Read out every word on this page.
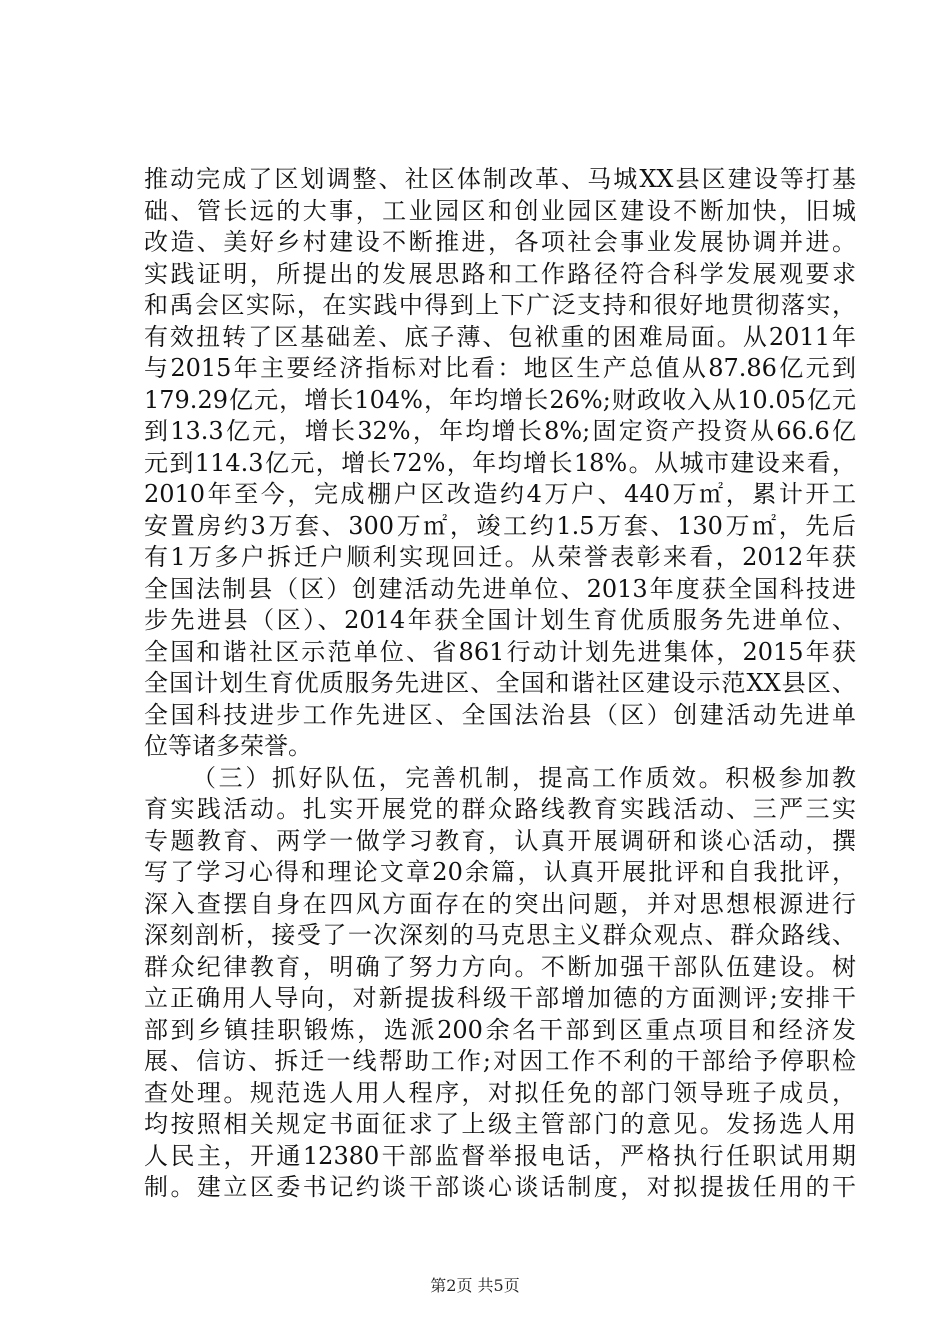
推动完成了区划调整、社区体制改革、马城XX县区建设等打基
础、管长远的大事，工业园区和创业园区建设不断加快，旧城
改造、美好乡村建设不断推进，各项社会事业发展协调并进。
实践证明，所提出的发展思路和工作路径符合科学发展观要求
和禹会区实际，在实践中得到上下广泛支持和很好地贯彻落实，
有效扭转了区基础差、底子薄、包袱重的困难局面。从2011年
与2015年主要经济指标对比看：地区生产总值从87.86亿元到
179.29亿元，增长104%，年均增长26%;财政收入从10.05亿元
到13.3亿元，增长32%，年均增长8%;固定资产投资从66.6亿
元到114.3亿元，增长72%，年均增长18%。从城市建设来看，
2010年至今，完成棚户区改造约4万户、440万㎡，累计开工
安置房约3万套、300万㎡，竣工约1.5万套、130万㎡，先后
有1万多户拆迁户顺利实现回迁。从荣誉表彰来看，2012年获
全国法制县（区）创建活动先进单位、2013年度获全国科技进
步先进县（区）、2014年获全国计划生育优质服务先进单位、
全国和谐社区示范单位、省861行动计划先进集体，2015年获
全国计划生育优质服务先进区、全国和谐社区建设示范XX县区、
全国科技进步工作先进区、全国法治县（区）创建活动先进单
位等诸多荣誉。
（三）抓好队伍，完善机制，提高工作质效。积极参加教
育实践活动。扎实开展党的群众路线教育实践活动、三严三实
专题教育、两学一做学习教育，认真开展调研和谈心活动，撰
写了学习心得和理论文章20余篇，认真开展批评和自我批评，
深入查摆自身在四风方面存在的突出问题，并对思想根源进行
深刻剖析，接受了一次深刻的马克思主义群众观点、群众路线、
群众纪律教育，明确了努力方向。不断加强干部队伍建设。树
立正确用人导向，对新提拔科级干部增加德的方面测评;安排干
部到乡镇挂职锻炼，选派200余名干部到区重点项目和经济发
展、信访、拆迁一线帮助工作;对因工作不利的干部给予停职检
查处理。规范选人用人程序，对拟任免的部门领导班子成员，
均按照相关规定书面征求了上级主管部门的意见。发扬选人用
人民主，开通12380干部监督举报电话，严格执行任职试用期
制。建立区委书记约谈干部谈心谈话制度，对拟提拔任用的干
第2页 共5页
